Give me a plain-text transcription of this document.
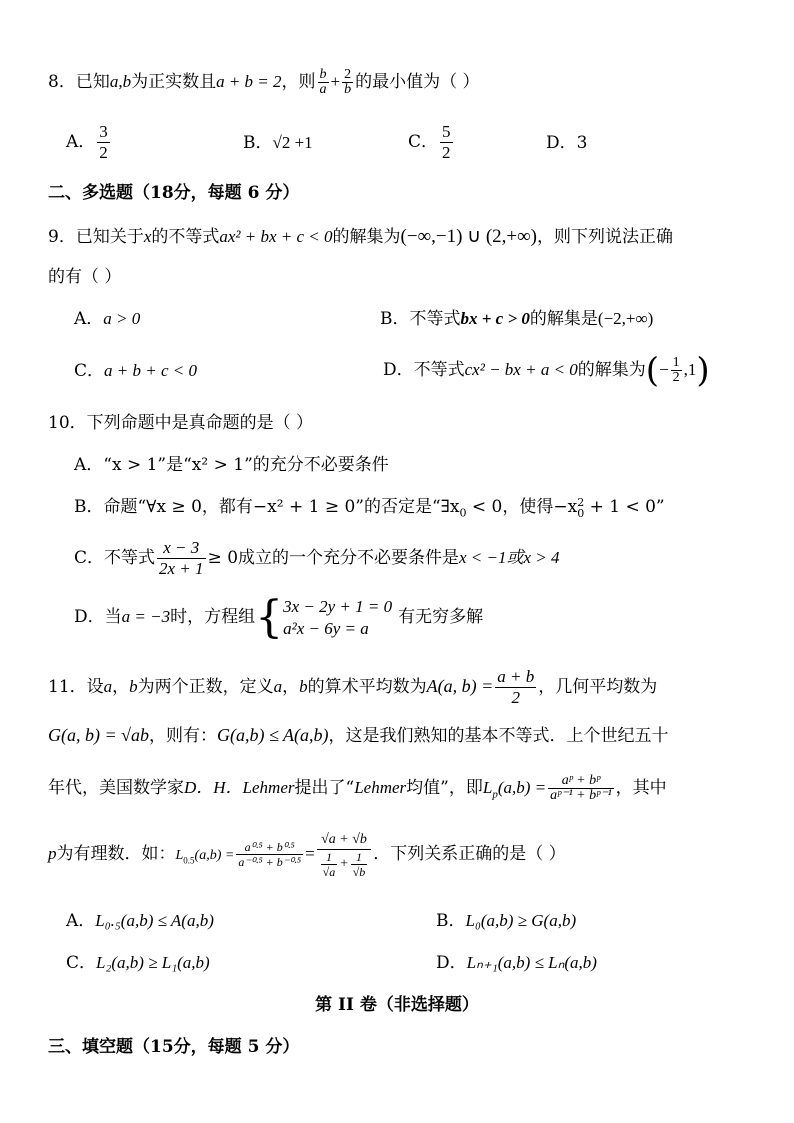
8．已知a,b为正实数且a + b = 2，则 $\frac{b}{a} + \frac{2}{b}$ 的最小值为（ ）
A． $\frac{3}{2}$	B．√2 +1	C． $\frac{5}{2}$	D．3
二、多选题（18分，每题 6 分）
9．已知关于x的不等式ax² + bx + c < 0的解集为(−∞,−1) ∪ (2,+∞)，则下列说法正确
的有（ ）
A．a > 0	B．不等式bx + c > 0的解集是(−2,+∞)
C．a + b + c < 0	D．不等式cx² − bx + a < 0的解集为(− $\frac{1}{2} ,1$)
10．下列命题中是真命题的是（ ）
A．“x > 1”是“x² > 1”的充分不必要条件
B．命题“∀x ≥ 0，都有−x² + 1 ≥ 0”的否定是“$\exists x_0 < 0$，使得−x 2
0 + 1 < 0”
C．不等式 $\frac{x - 3}{2x + 1} \ge 0$成立的一个充分不必要条件是x < −1或x > 4
D．当a = −3时，方程组{ 3x − 2y + 1 = 0
a²x − 6y = a
有无穷多解
11．设a，b为两个正数，定义a，b的算术平均数为A(a, $b) = \frac{a + b}{2}$ ，几何平均数为
G(a, b) = √ab，则有：G(a,b) ≤ A(a,b)，这是我们熟知的基本不等式．上个世纪五十
年代，美国数学家D．H．Lehmer提出了“Lehmer均值”，即$L_p(a,b) = \frac{\text{aᵖ + bᵖ}}{\text{aᵖ⁻¹ + bᵖ⁻¹}}$ ，其中
p为有理数．如：$L_{0.5}(a,b) = \frac{\text{a⁰·⁵ + b⁰·⁵}}{\text{a⁻⁰·⁵ + b⁻⁰·⁵}} = \frac{√a + √b}{\frac{1}{√a} + \frac{1}{√b}}$ ．下列关系正确的是（ ）
A．L₀.₅(a,b) ≤ A(a,b)	B．L₀(a,b) ≥ G(a,b)
C．L₂(a,b) ≥ L₁(a,b)	D．Lₙ₊₁(a,b) ≤ Lₙ(a,b)
第 II 卷（非选择题）
三、填空题（15分，每题 5 分）
